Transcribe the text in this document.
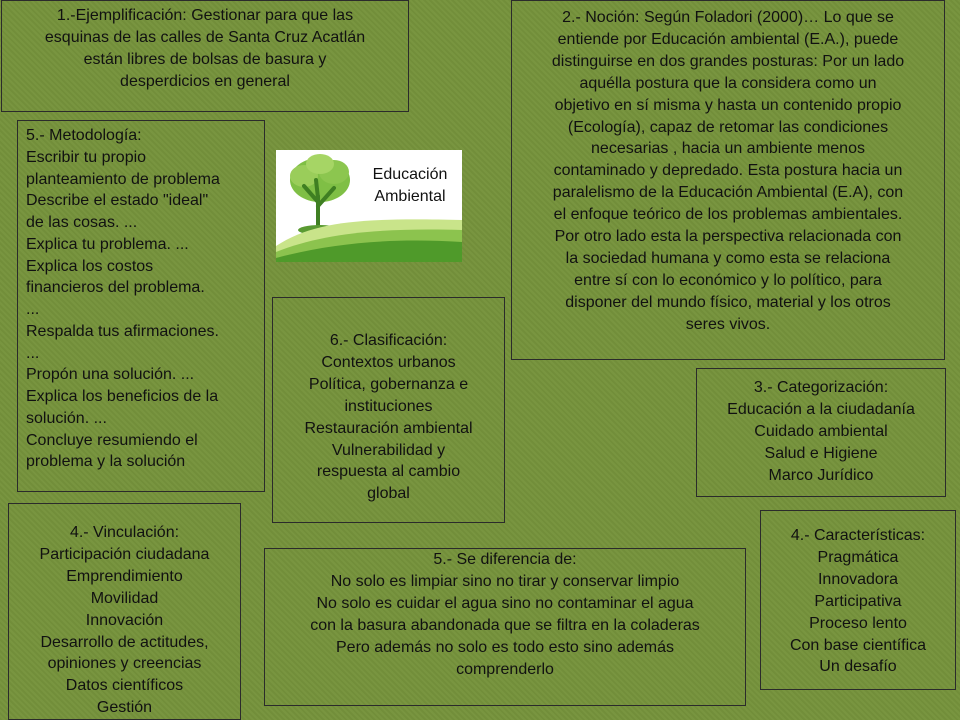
1.-Ejemplificación: Gestionar para que las
esquinas de las calles de Santa Cruz Acatlán
están libres de bolsas de basura y
desperdicios en general
2.- Noción: Según Foladori (2000)… Lo que se
entiende por Educación ambiental (E.A.), puede
distinguirse en dos grandes posturas: Por un lado
aquélla postura que la considera como un
objetivo en sí misma y hasta un contenido propio
(Ecología), capaz de retomar las condiciones
necesarias , hacia un ambiente menos
contaminado y depredado. Esta postura hacia un
paralelismo de la Educación Ambiental (E.A), con
el enfoque teórico de los problemas ambientales.
Por otro lado esta la perspectiva relacionada con
la sociedad humana y como esta se relaciona
entre sí con lo económico y lo político, para
disponer del mundo físico, material y los otros
seres vivos.
5.- Metodología:
Escribir tu propio
planteamiento de problema
Describe el estado "ideal"
de las cosas. ...
Explica tu problema. ...
Explica los costos
financieros del problema.
...
Respalda tus afirmaciones.
...
Propón una solución. ...
Explica los beneficios de la
solución. ...
Concluye resumiendo el
problema y la solución
Educación
Ambiental
6.- Clasificación:
Contextos urbanos
Política, gobernanza e
instituciones
Restauración ambiental
Vulnerabilidad y
respuesta al cambio
global
3.- Categorización:
Educación a la ciudadanía
Cuidado ambiental
Salud e Higiene
Marco Jurídico
4.- Vinculación:
Participación ciudadana
Emprendimiento
Movilidad
Innovación
Desarrollo de actitudes,
opiniones y creencias
Datos científicos
Gestión
5.- Se diferencia de:
No solo es limpiar sino no tirar y conservar limpio
No solo es cuidar el agua sino no contaminar el agua
con la basura abandonada que se filtra en la coladeras
Pero además no solo es todo esto sino además
comprenderlo
4.- Características:
Pragmática
Innovadora
Participativa
Proceso lento
Con base científica
Un desafío
